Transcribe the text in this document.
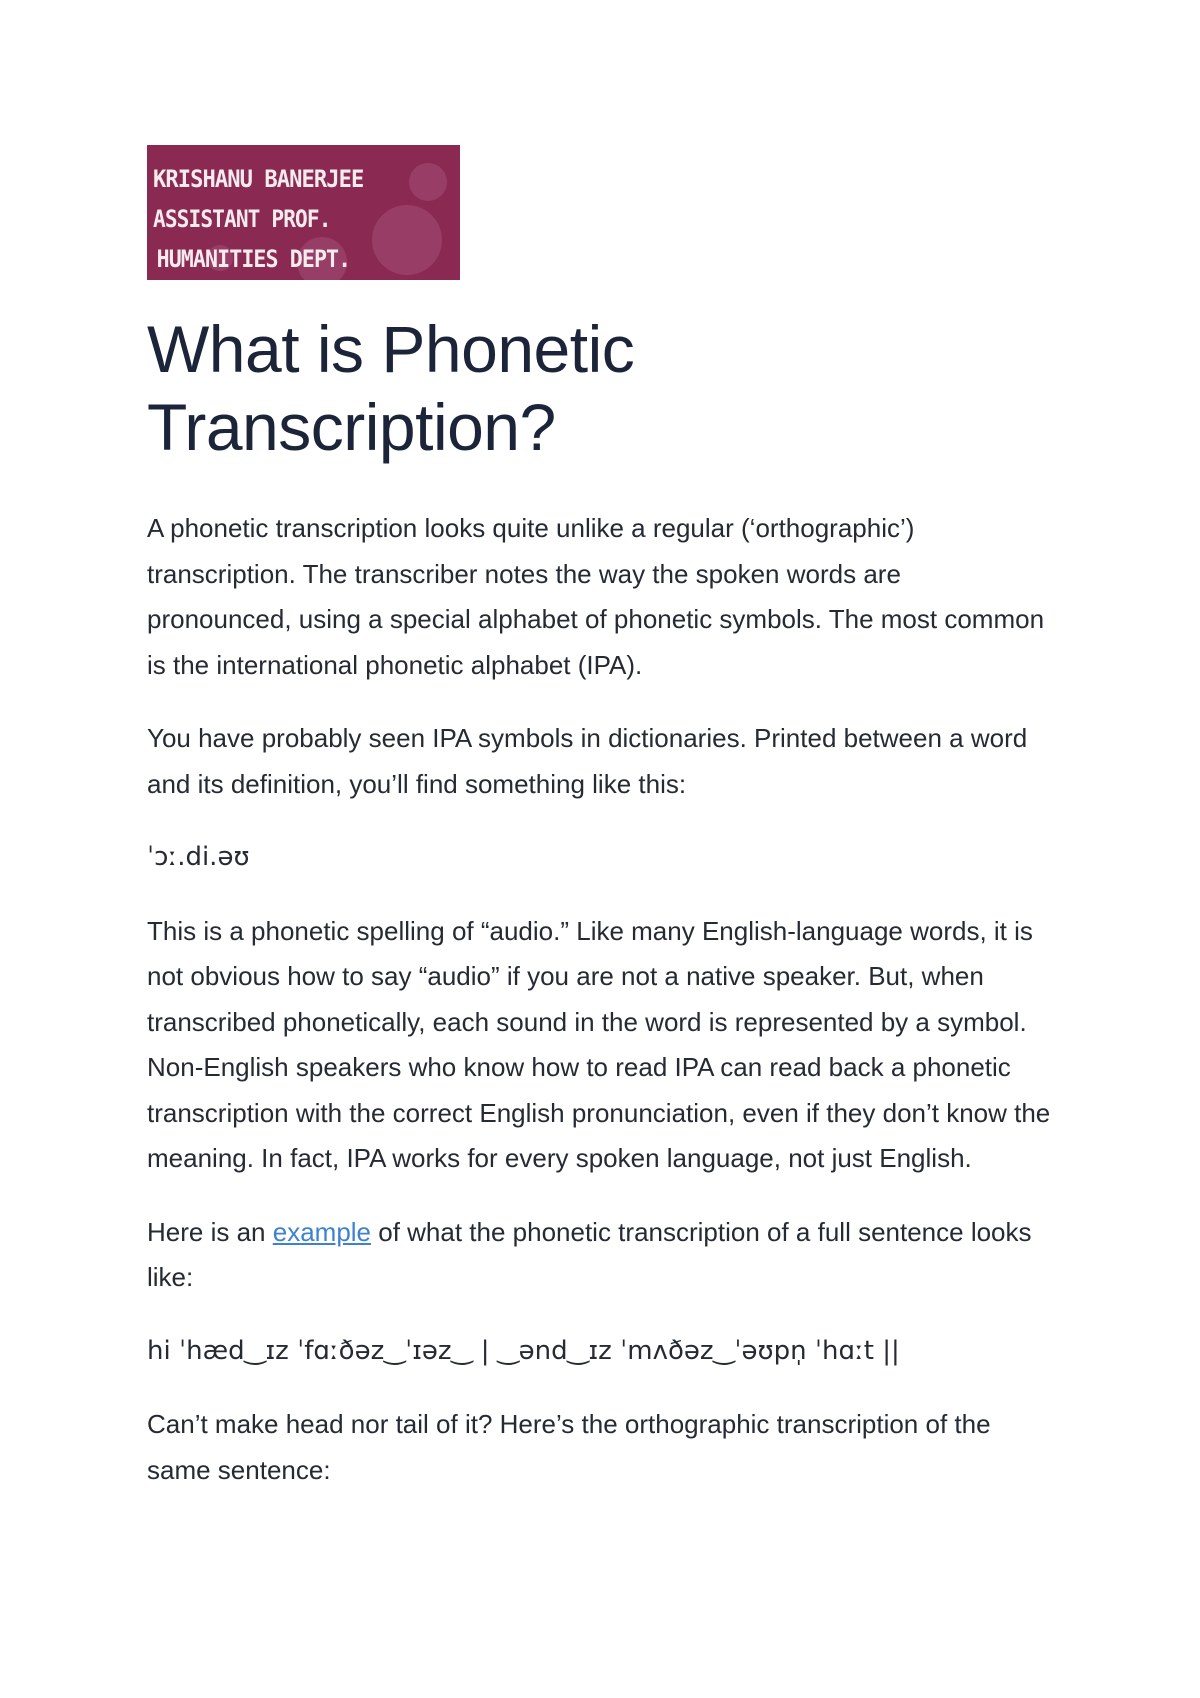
KRISHANU BANERJEE
ASSISTANT PROF.
HUMANITIES DEPT.
What is Phonetic Transcription?

A phonetic transcription looks quite unlike a regular (‘orthographic’) transcription. The transcriber notes the way the spoken words are pronounced, using a special alphabet of phonetic symbols. The most common is the international phonetic alphabet (IPA).

You have probably seen IPA symbols in dictionaries. Printed between a word and its definition, you’ll find something like this:

ˈɔː.di.əʊ

This is a phonetic spelling of “audio.” Like many English-language words, it is not obvious how to say “audio” if you are not a native speaker. But, when transcribed phonetically, each sound in the word is represented by a symbol. Non-English speakers who know how to read IPA can read back a phonetic transcription with the correct English pronunciation, even if they don’t know the meaning. In fact, IPA works for every spoken language, not just English.

Here is an example of what the phonetic transcription of a full sentence looks like:

hi ˈhæd‿ɪz ˈfɑːðəz‿ˈɪəz‿ | ‿ənd‿ɪz ˈmʌðəz‿ˈəʊpn̩ ˈhɑːt ||

Can’t make head nor tail of it? Here’s the orthographic transcription of the same sentence:
